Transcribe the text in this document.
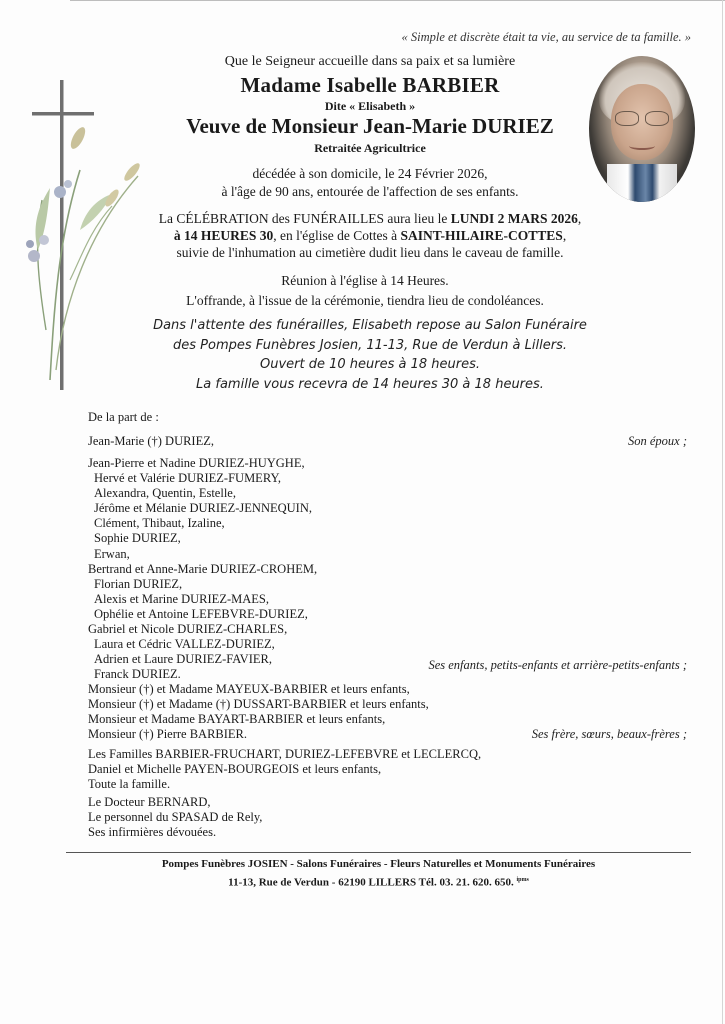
« Simple et discrète était ta vie, au service de ta famille. »
Que le Seigneur accueille dans sa paix et sa lumière
Madame Isabelle BARBIER
Dite « Elisabeth »
Veuve de Monsieur Jean-Marie DURIEZ
Retraitée Agricultrice
décédée à son domicile, le 24 Février 2026,
à l'âge de 90 ans, entourée de l'affection de ses enfants.
La CÉLÉBRATION des FUNÉRAILLES aura lieu le LUNDI 2 MARS 2026,
à 14 HEURES 30, en l'église de Cottes à SAINT-HILAIRE-COTTES,
suivie de l'inhumation au cimetière dudit lieu dans le caveau de famille.
Réunion à l'église à 14 Heures.
L'offrande, à l'issue de la cérémonie, tiendra lieu de condoléances.
Dans l'attente des funérailles, Elisabeth repose au Salon Funéraire
des Pompes Funèbres Josien, 11-13, Rue de Verdun à Lillers.
Ouvert de 10 heures à 18 heures.
La famille vous recevra de 14 heures 30 à 18 heures.
De la part de :
Jean-Marie (†) DURIEZ,	Son époux ;
Jean-Pierre et Nadine DURIEZ-HUYGHE,
Hervé et Valérie DURIEZ-FUMERY,
Alexandra, Quentin, Estelle,
Jérôme et Mélanie DURIEZ-JENNEQUIN,
Clément, Thibaut, Izaline,
Sophie DURIEZ,
Erwan,
Bertrand et Anne-Marie DURIEZ-CROHEM,
Florian DURIEZ,
Alexis et Marine DURIEZ-MAES,
Ophélie et Antoine LEFEBVRE-DURIEZ,
Gabriel et Nicole DURIEZ-CHARLES,
Laura et Cédric VALLEZ-DURIEZ,
Adrien et Laure DURIEZ-FAVIER,
Franck DURIEZ.
Ses enfants, petits-enfants et arrière-petits-enfants ;
Monsieur (†) et Madame MAYEUX-BARBIER et leurs enfants,
Monsieur (†) et Madame (†) DUSSART-BARBIER et leurs enfants,
Monsieur et Madame BAYART-BARBIER et leurs enfants,
Monsieur (†) Pierre BARBIER.	Ses frère, sœurs, beaux-frères ;
Les Familles BARBIER-FRUCHART, DURIEZ-LEFEBVRE et LECLERCQ,
Daniel et Michelle PAYEN-BOURGEOIS et leurs enfants,
Toute la famille.
Le Docteur BERNARD,
Le personnel du SPASAD de Rely,
Ses infirmières dévouées.
Pompes Funèbres JOSIEN - Salons Funéraires - Fleurs Naturelles et Monuments Funéraires
11-13, Rue de Verdun - 62190 LILLERS Tél. 03. 21. 620. 650. $^{ipms}$
